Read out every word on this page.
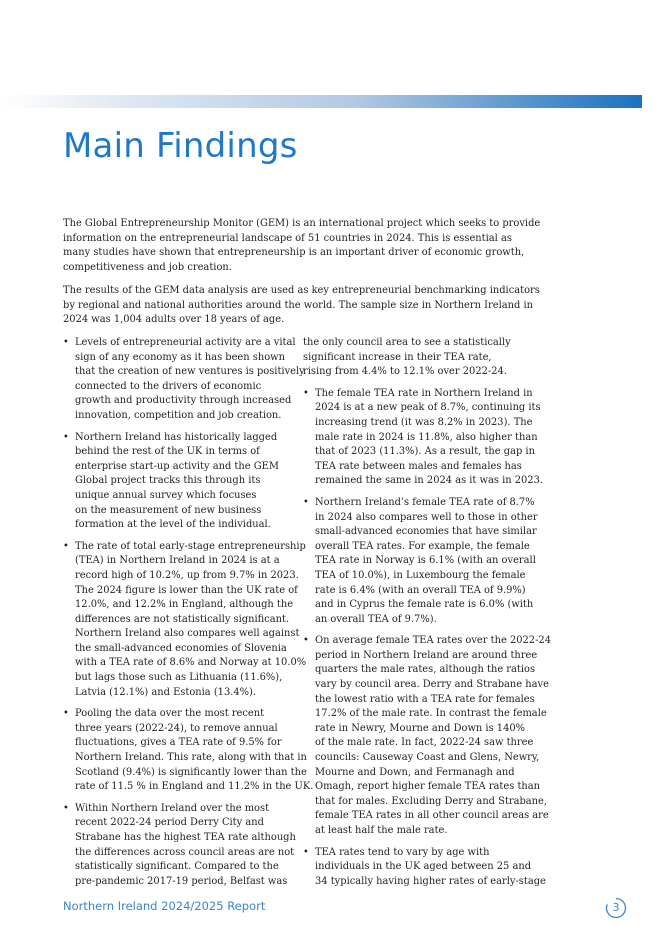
Main Findings

The Global Entrepreneurship Monitor (GEM) is an international project which seeks to provide
information on the entrepreneurial landscape of 51 countries in 2024. This is essential as
many studies have shown that entrepreneurship is an important driver of economic growth,
competitiveness and job creation.

The results of the GEM data analysis are used as key entrepreneurial benchmarking indicators
by regional and national authorities around the world. The sample size in Northern Ireland in
2024 was 1,004 adults over 18 years of age.

• Levels of entrepreneurial activity are a vital
sign of any economy as it has been shown
that the creation of new ventures is positively
connected to the drivers of economic
growth and productivity through increased
innovation, competition and job creation.
• Northern Ireland has historically lagged
behind the rest of the UK in terms of
enterprise start-up activity and the GEM
Global project tracks this through its
unique annual survey which focuses
on the measurement of new business
formation at the level of the individual.
• The rate of total early-stage entrepreneurship
(TEA) in Northern Ireland in 2024 is at a
record high of 10.2%, up from 9.7% in 2023.
The 2024 figure is lower than the UK rate of
12.0%, and 12.2% in England, although the
differences are not statistically significant.
Northern Ireland also compares well against
the small-advanced economies of Slovenia
with a TEA rate of 8.6% and Norway at 10.0%
but lags those such as Lithuania (11.6%),
Latvia (12.1%) and Estonia (13.4%).
• Pooling the data over the most recent
three years (2022-24), to remove annual
fluctuations, gives a TEA rate of 9.5% for
Northern Ireland. This rate, along with that in
Scotland (9.4%) is significantly lower than the
rate of 11.5 % in England and 11.2% in the UK.
• Within Northern Ireland over the most
recent 2022-24 period Derry City and
Strabane has the highest TEA rate although
the differences across council areas are not
statistically significant. Compared to the
pre-pandemic 2017-19 period, Belfast was
the only council area to see a statistically
significant increase in their TEA rate,
rising from 4.4% to 12.1% over 2022-24.
• The female TEA rate in Northern Ireland in
2024 is at a new peak of 8.7%, continuing its
increasing trend (it was 8.2% in 2023). The
male rate in 2024 is 11.8%, also higher than
that of 2023 (11.3%). As a result, the gap in
TEA rate between males and females has
remained the same in 2024 as it was in 2023.
• Northern Ireland’s female TEA rate of 8.7%
in 2024 also compares well to those in other
small-advanced economies that have similar
overall TEA rates. For example, the female
TEA rate in Norway is 6.1% (with an overall
TEA of 10.0%), in Luxembourg the female
rate is 6.4% (with an overall TEA of 9.9%)
and in Cyprus the female rate is 6.0% (with
an overall TEA of 9.7%).
• On average female TEA rates over the 2022-24
period in Northern Ireland are around three
quarters the male rates, although the ratios
vary by council area. Derry and Strabane have
the lowest ratio with a TEA rate for females
17.2% of the male rate. In contrast the female
rate in Newry, Mourne and Down is 140%
of the male rate. In fact, 2022-24 saw three
councils: Causeway Coast and Glens, Newry,
Mourne and Down, and Fermanagh and
Omagh, report higher female TEA rates than
that for males. Excluding Derry and Strabane,
female TEA rates in all other council areas are
at least half the male rate.
• TEA rates tend to vary by age with
individuals in the UK aged between 25 and
34 typically having higher rates of early-stage
Northern Ireland 2024/2025 Report	3
